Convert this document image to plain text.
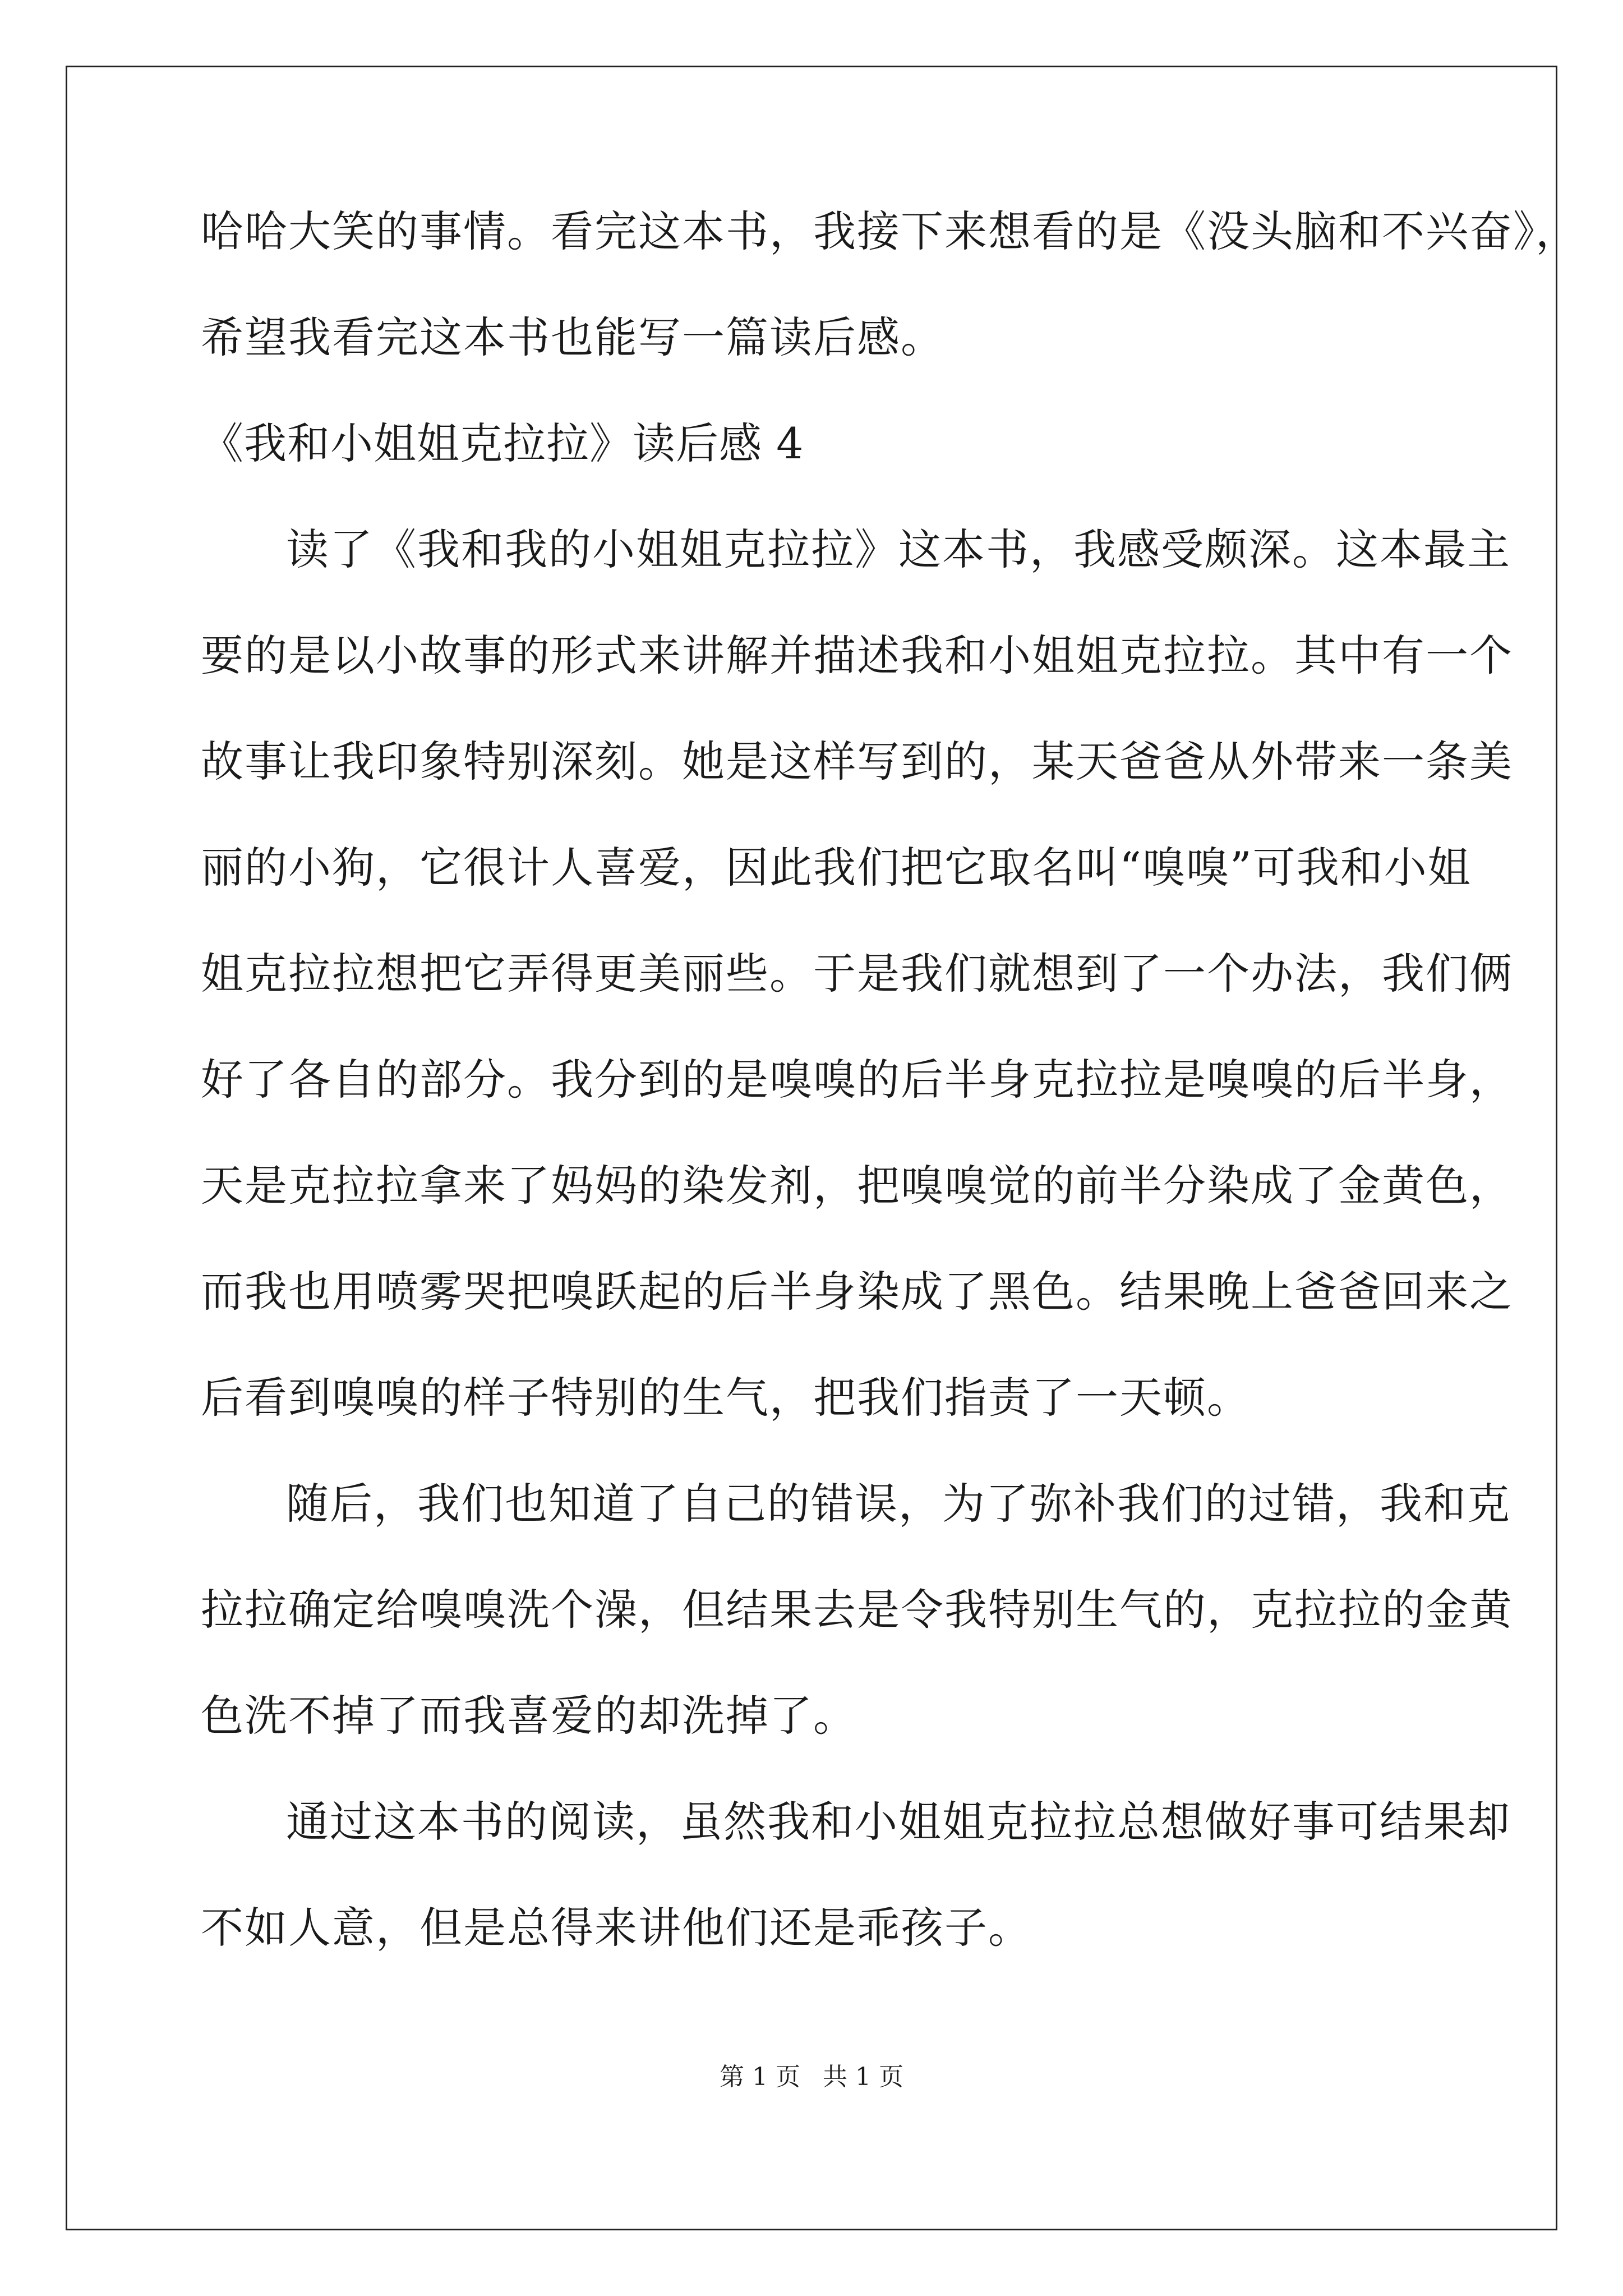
哈哈大笑的事情。看完这本书，我接下来想看的是《没头脑和不兴奋》，

希望我看完这本书也能写一篇读后感。

《我和小姐姐克拉拉》读后感 4

读了《我和我的小姐姐克拉拉》这本书，我感受颇深。这本最主

要的是以小故事的形式来讲解并描述我和小姐姐克拉拉。其中有一个

故事让我印象特别深刻。她是这样写到的，某天爸爸从外带来一条美

丽的小狗，它很计人喜爱，因此我们把它取名叫“嗅嗅”可我和小姐

姐克拉拉想把它弄得更美丽些。于是我们就想到了一个办法，我们俩

好了各自的部分。我分到的是嗅嗅的后半身克拉拉是嗅嗅的后半身，

天是克拉拉拿来了妈妈的染发剂，把嗅嗅觉的前半分染成了金黄色，

而我也用喷雾哭把嗅跃起的后半身染成了黑色。结果晚上爸爸回来之

后看到嗅嗅的样子特别的生气，把我们指责了一天顿。

随后，我们也知道了自己的错误，为了弥补我们的过错，我和克

拉拉确定给嗅嗅洗个澡，但结果去是令我特别生气的，克拉拉的金黄

色洗不掉了而我喜爱的却洗掉了。

通过这本书的阅读，虽然我和小姐姐克拉拉总想做好事可结果却

不如人意，但是总得来讲他们还是乖孩子。

第 1 页 共 1 页
